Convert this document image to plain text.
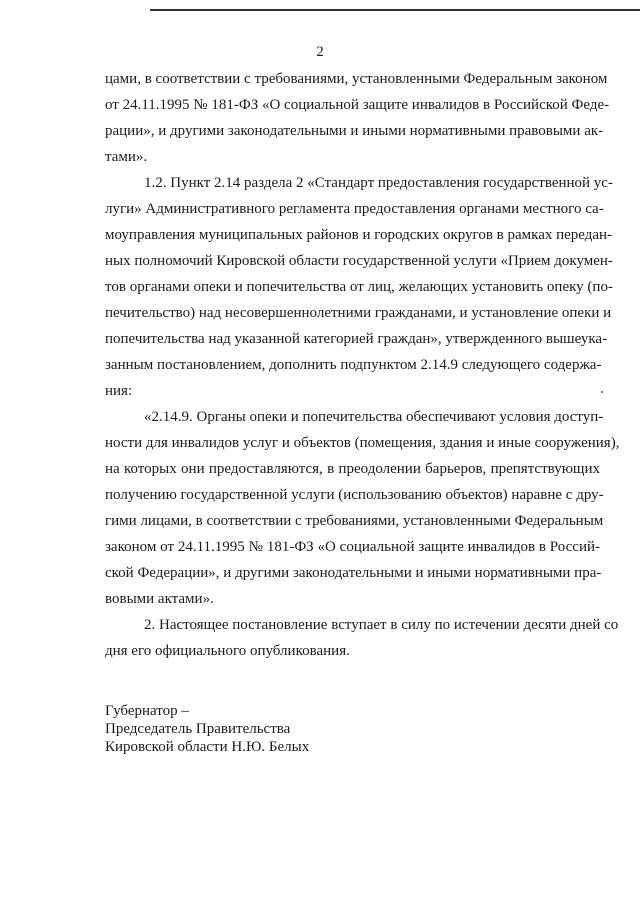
2
цами, в соответствии с требованиями, установленными Федеральным законом
от 24.11.1995 № 181-ФЗ «О социальной защите инвалидов в Российской Феде-
рации», и другими законодательными и иными нормативными правовыми ак-
тами».
1.2. Пункт 2.14 раздела 2 «Стандарт предоставления государственной ус-
луги» Административного регламента предоставления органами местного са-
моуправления муниципальных районов и городских округов в рамках передан-
ных полномочий Кировской области государственной услуги «Прием докумен-
тов органами опеки и попечительства от лиц, желающих установить опеку (по-
печительство) над несовершеннолетними гражданами, и установление опеки и
попечительства над указанной категорией граждан», утвержденного вышеука-
занным постановлением, дополнить подпунктом 2.14.9 следующего содержа-
ния:
«2.14.9. Органы опеки и попечительства обеспечивают условия доступ-
ности для инвалидов услуг и объектов (помещения, здания и иные сооружения),
на которых они предоставляются, в преодолении барьеров, препятствующих
получению государственной услуги (использованию объектов) наравне с дру-
гими лицами, в соответствии с требованиями, установленными Федеральным
законом от 24.11.1995 № 181-ФЗ «О социальной защите инвалидов в Россий-
ской Федерации», и другими законодательными и иными нормативными пра-
вовыми актами».
2. Настоящее постановление вступает в силу по истечении десяти дней со
дня его официального опубликования.
Губернатор –
Председатель Правительства
Кировской области Н.Ю. Белых
